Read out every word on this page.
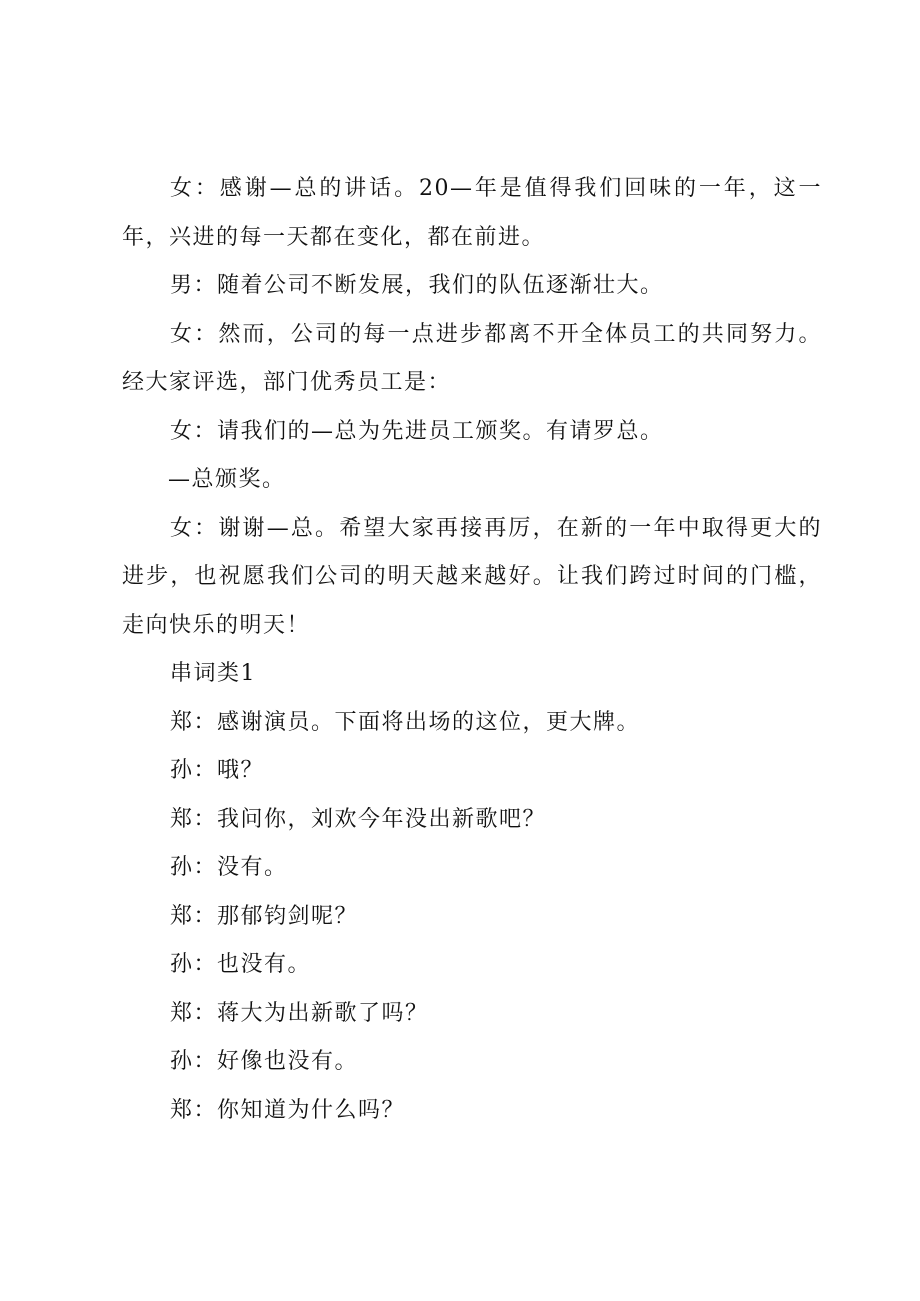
女：感谢—总的讲话。20—年是值得我们回味的一年，这一年，兴进的每一天都在变化，都在前进。

男：随着公司不断发展，我们的队伍逐渐壮大。

女：然而，公司的每一点进步都离不开全体员工的共同努力。经大家评选，部门优秀员工是：

女：请我们的—总为先进员工颁奖。有请罗总。

—总颁奖。

女：谢谢—总。希望大家再接再厉，在新的一年中取得更大的进步，也祝愿我们公司的明天越来越好。让我们跨过时间的门槛，走向快乐的明天！

串词类1

郑：感谢演员。下面将出场的这位，更大牌。

孙：哦？

郑：我问你，刘欢今年没出新歌吧？

孙：没有。

郑：那郁钧剑呢？

孙：也没有。

郑：蒋大为出新歌了吗？

孙：好像也没有。

郑：你知道为什么吗？
